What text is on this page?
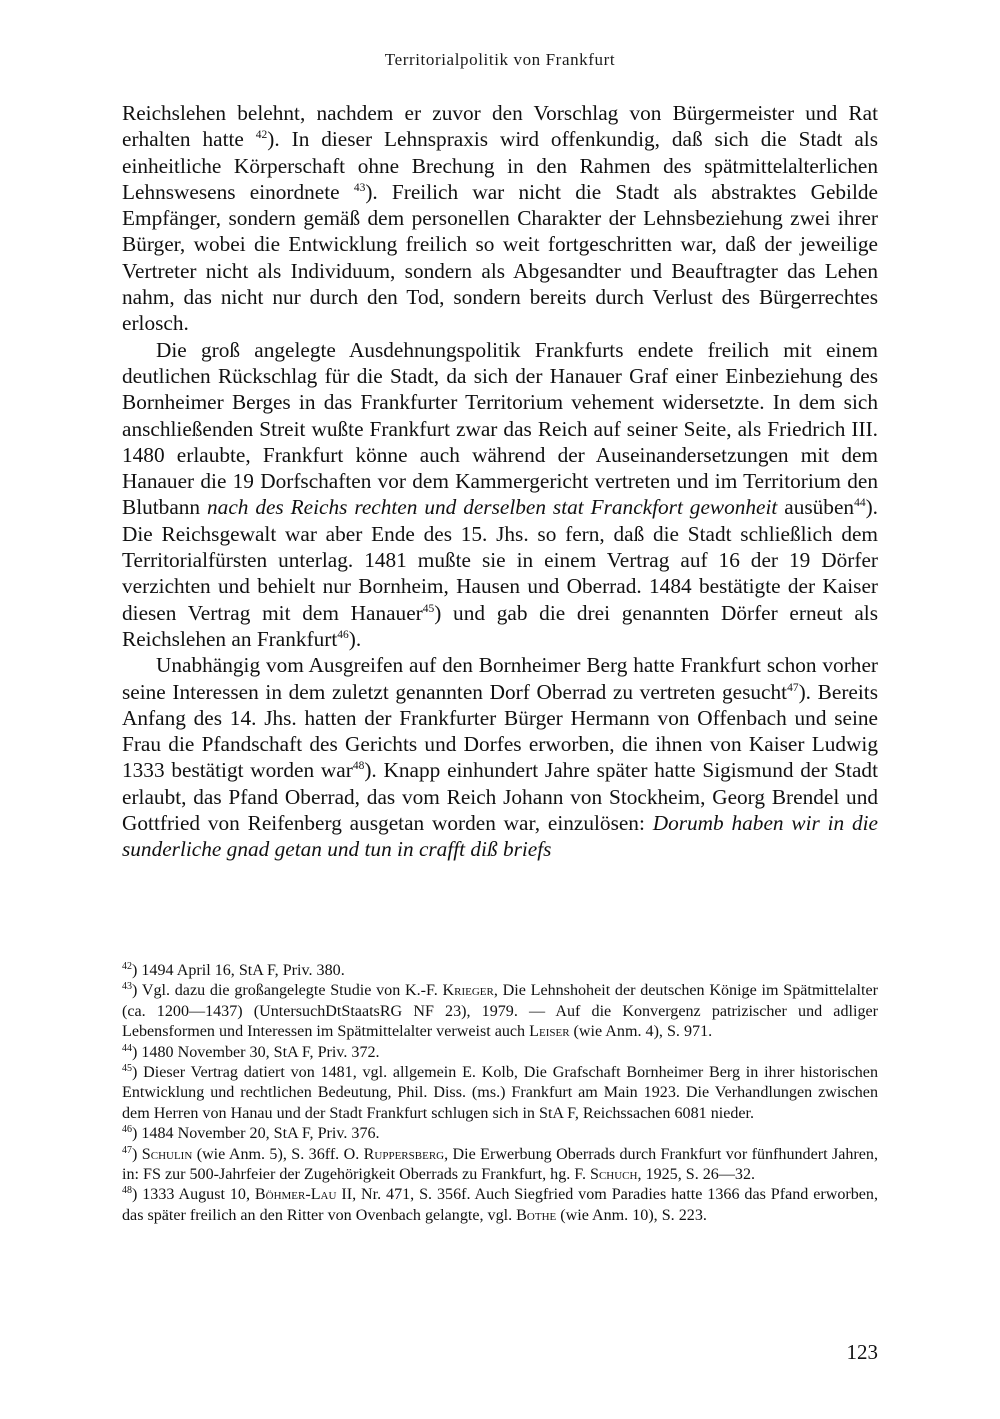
Territorialpolitik von Frankfurt

Reichslehen belehnt, nachdem er zuvor den Vorschlag von Bürgermeister und Rat erhalten hatte $^{42}$). In dieser Lehnspraxis wird offenkundig, daß sich die Stadt als einheitliche Körperschaft ohne Brechung in den Rahmen des spätmittelalterlichen Lehnswesens einordnete $^{43}$). Freilich war nicht die Stadt als abstraktes Gebilde Empfänger, sondern gemäß dem personellen Charakter der Lehnsbeziehung zwei ihrer Bürger, wobei die Entwicklung freilich so weit fortgeschritten war, daß der jeweilige Vertreter nicht als Individuum, sondern als Abgesandter und Beauftragter das Lehen nahm, das nicht nur durch den Tod, sondern bereits durch Verlust des Bürgerrechtes erlosch.

Die groß angelegte Ausdehnungspolitik Frankfurts endete freilich mit einem deutlichen Rückschlag für die Stadt, da sich der Hanauer Graf einer Einbeziehung des Bornheimer Berges in das Frankfurter Territorium vehement widersetzte. In dem sich anschließenden Streit wußte Frankfurt zwar das Reich auf seiner Seite, als Friedrich III. 1480 erlaubte, Frankfurt könne auch während der Auseinandersetzungen mit dem Hanauer die 19 Dorfschaften vor dem Kammergericht vertreten und im Territorium den Blutbann nach des Reichs rechten und derselben stat Franckfort gewonheit ausüben$^{44}$). Die Reichsgewalt war aber Ende des 15. Jhs. so fern, daß die Stadt schließlich dem Territorialfürsten unterlag. 1481 mußte sie in einem Vertrag auf 16 der 19 Dörfer verzichten und behielt nur Bornheim, Hausen und Oberrad. 1484 bestätigte der Kaiser diesen Vertrag mit dem Hanauer$^{45}$) und gab die drei genannten Dörfer erneut als Reichslehen an Frankfurt$^{46}$).

Unabhängig vom Ausgreifen auf den Bornheimer Berg hatte Frankfurt schon vorher seine Interessen in dem zuletzt genannten Dorf Oberrad zu vertreten gesucht$^{47}$). Bereits Anfang des 14. Jhs. hatten der Frankfurter Bürger Hermann von Offenbach und seine Frau die Pfandschaft des Gerichts und Dorfes erworben, die ihnen von Kaiser Ludwig 1333 bestätigt worden war$^{48}$). Knapp einhundert Jahre später hatte Sigismund der Stadt erlaubt, das Pfand Oberrad, das vom Reich Johann von Stockheim, Georg Brendel und Gottfried von Reifenberg ausgetan worden war, einzulösen: Dorumb haben wir in die sunderliche gnad getan und tun in crafft diß briefs

$^{42}$) 1494 April 16, StA F, Priv. 380.

$^{43}$) Vgl. dazu die großangelegte Studie von K.-F. Krieger, Die Lehnshoheit der deutschen Könige im Spätmittelalter (ca. 1200—1437) (UntersuchDtStaatsRG NF 23), 1979. — Auf die Konvergenz patrizischer und adliger Lebensformen und Interessen im Spätmittelalter verweist auch Leiser (wie Anm. 4), S. 971.

$^{44}$) 1480 November 30, StA F, Priv. 372.

$^{45}$) Dieser Vertrag datiert von 1481, vgl. allgemein E. Kolb, Die Grafschaft Bornheimer Berg in ihrer historischen Entwicklung und rechtlichen Bedeutung, Phil. Diss. (ms.) Frankfurt am Main 1923. Die Verhandlungen zwischen dem Herren von Hanau und der Stadt Frankfurt schlugen sich in StA F, Reichssachen 6081 nieder.

$^{46}$) 1484 November 20, StA F, Priv. 376.

$^{47}$) Schulin (wie Anm. 5), S. 36ff. O. Ruppersberg, Die Erwerbung Oberrads durch Frankfurt vor fünfhundert Jahren, in: FS zur 500-Jahrfeier der Zugehörigkeit Oberrads zu Frankfurt, hg. F. Schuch, 1925, S. 26—32.

$^{48}$) 1333 August 10, Böhmer-Lau II, Nr. 471, S. 356f. Auch Siegfried vom Paradies hatte 1366 das Pfand erworben, das später freilich an den Ritter von Ovenbach gelangte, vgl. Bothe (wie Anm. 10), S. 223.

123
